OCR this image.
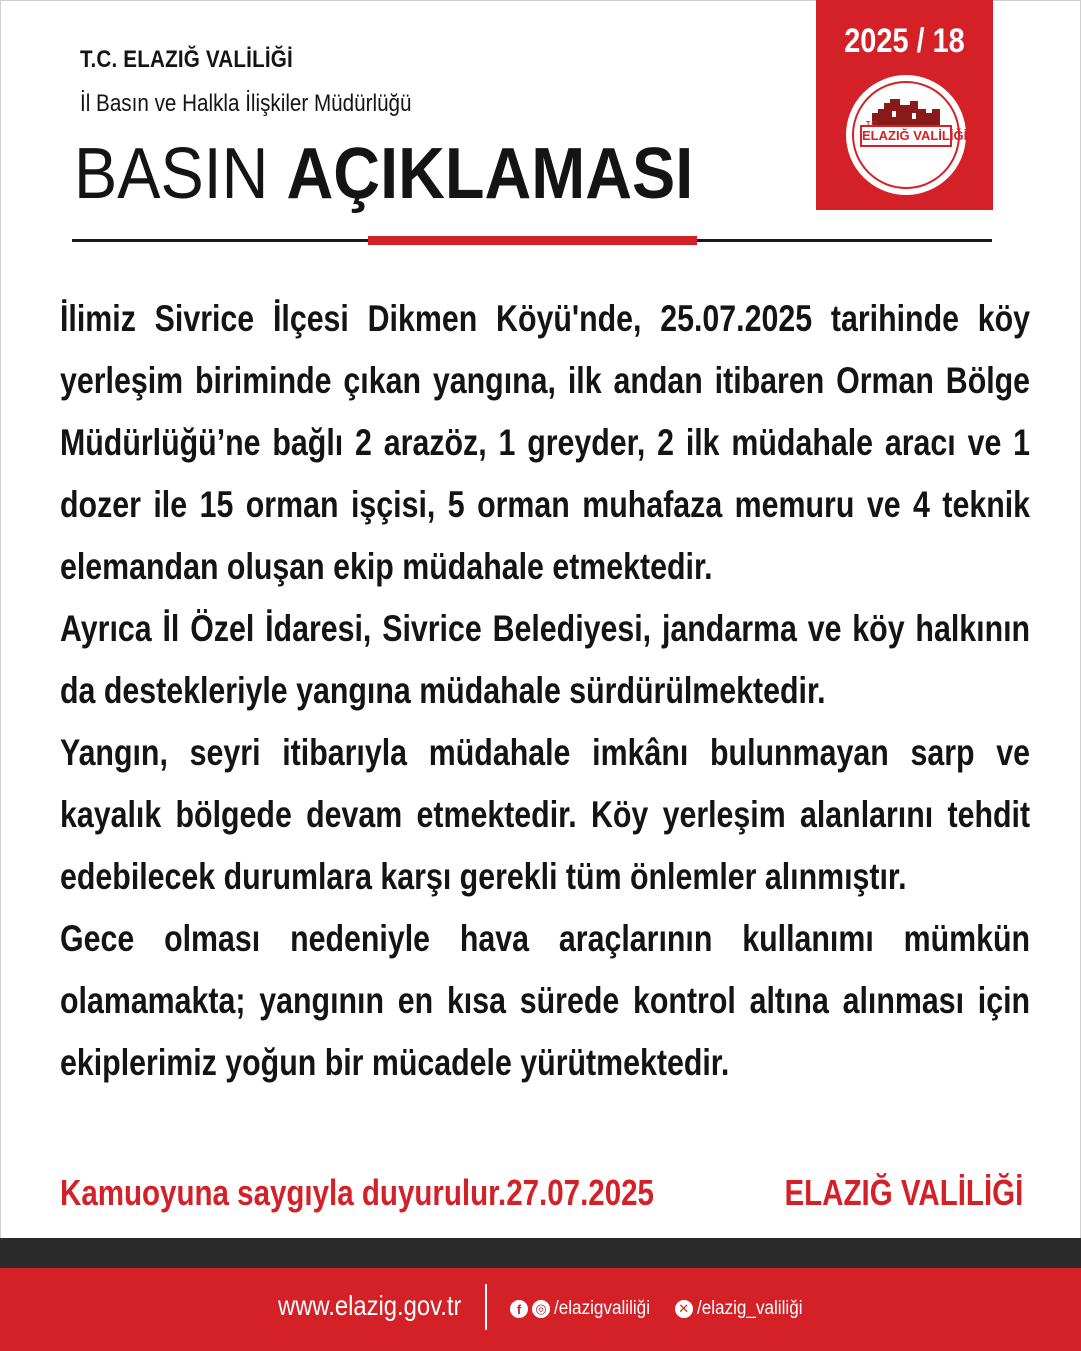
T.C. ELAZIĞ VALİLİĞİ
İl Basın ve Halkla İlişkiler Müdürlüğü
BASIN AÇIKLAMASI
2025 / 18
T.C.
ELAZIĞ VALİLİĞİ

İlimiz Sivrice İlçesi Dikmen Köyü'nde, 25.07.2025 tarihinde köy yerleşim biriminde çıkan yangına, ilk andan itibaren Orman Bölge Müdürlüğü’ne bağlı 2 arazöz, 1 greyder, 2 ilk müdahale aracı ve 1 dozer ile 15 orman işçisi, 5 orman muhafaza memuru ve 4 teknik elemandan oluşan ekip müdahale etmektedir.

Ayrıca İl Özel İdaresi, Sivrice Belediyesi, jandarma ve köy halkının da destekleriyle yangına müdahale sürdürülmektedir.

Yangın, seyri itibarıyla müdahale imkânı bulunmayan sarp ve kayalık bölgede devam etmektedir. Köy yerleşim alanlarını tehdit edebilecek durumlara karşı gerekli tüm önlemler alınmıştır.

Gece olması nedeniyle hava araçlarının kullanımı mümkün olamamakta; yangının en kısa sürede kontrol altına alınması için ekiplerimiz yoğun bir mücadele yürütmektedir.

Kamuoyuna saygıyla duyurulur.27.07.2025	ELAZIĞ VALİLİĞİ
www.elazig.gov.tr	f	◎ /elazigvaliliği ✕ /elazig_valiliği
